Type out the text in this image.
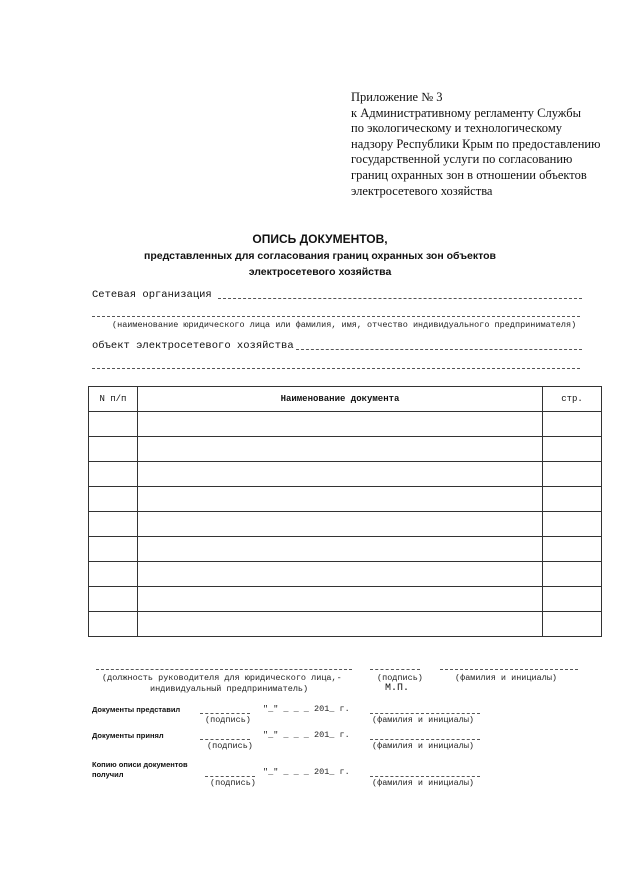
Приложение № 3
к Административному регламенту Службы
по экологическому и технологическому
надзору Республики Крым по предоставлению
государственной услуги по согласованию
границ охранных зон в отношении объектов
электросетевого хозяйства
ОПИСЬ ДОКУМЕНТОВ,
представленных для согласования границ охранных зон объектов
электросетевого хозяйства
Сетевая организация
(наименование юридического лица или фамилия, имя, отчество индивидуального предпринимателя)
объект электросетевого хозяйства
N п/п	Наименование документа	стр.

(должность руководителя для юридического лица,-
индивидуальный предприниматель)
(подпись)	(фамилия и инициалы)
М.П.
Документы представил	"_" _ _ _ 201_ г.
(подпись)	(фамилия и инициалы)
Документы принял	"_" _ _ _ 201_ г.
(подпись)	(фамилия и инициалы)
Копию описи документов
получил	"_" _ _ _ 201_ г.
(подпись)	(фамилия и инициалы)
